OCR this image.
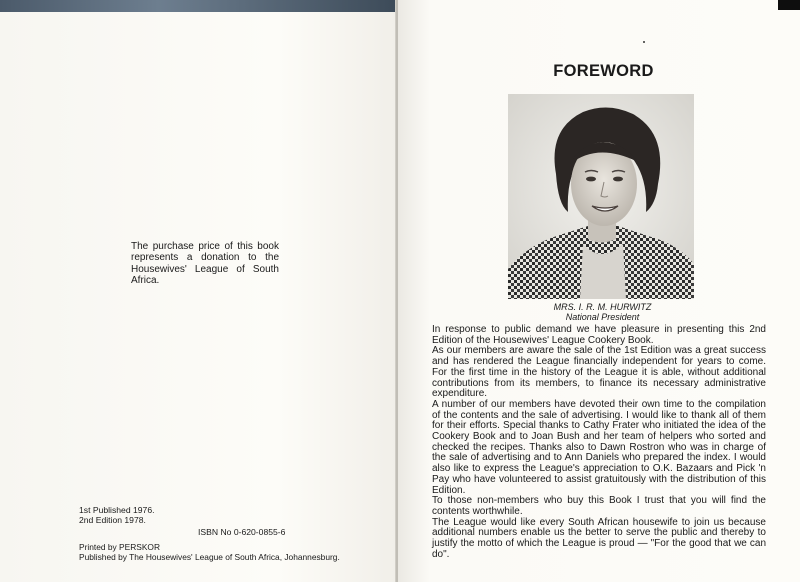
The purchase price of this book represents a donation to the Housewives' League of South Africa.
1st Published 1976.
2nd Edition 1978.
ISBN No 0-620-0855-6
Printed by PERSKOR
Published by The Housewives' League of South Africa, Johannesburg.
FOREWORD
MRS. I. R. M. HURWITZ
National President

In response to public demand we have pleasure in presenting this 2nd Edition of the Housewives' League Cookery Book.

As our members are aware the sale of the 1st Edition was a great success and has rendered the League financially independent for years to come. For the first time in the history of the League it is able, without additional contributions from its members, to finance its necessary administrative expenditure.

A number of our members have devoted their own time to the compilation of the contents and the sale of advertising. I would like to thank all of them for their efforts. Special thanks to Cathy Frater who initiated the idea of the Cookery Book and to Joan Bush and her team of helpers who sorted and checked the recipes. Thanks also to Dawn Rostron who was in charge of the sale of advertising and to Ann Daniels who prepared the index. I would also like to express the League's appreciation to O.K. Bazaars and Pick 'n Pay who have volunteered to assist gratuitously with the distribution of this Edition.

To those non-members who buy this Book I trust that you will find the contents worthwhile.

The League would like every South African housewife to join us because additional numbers enable us the better to serve the public and thereby to justify the motto of which the League is proud — "For the good that we can do".
